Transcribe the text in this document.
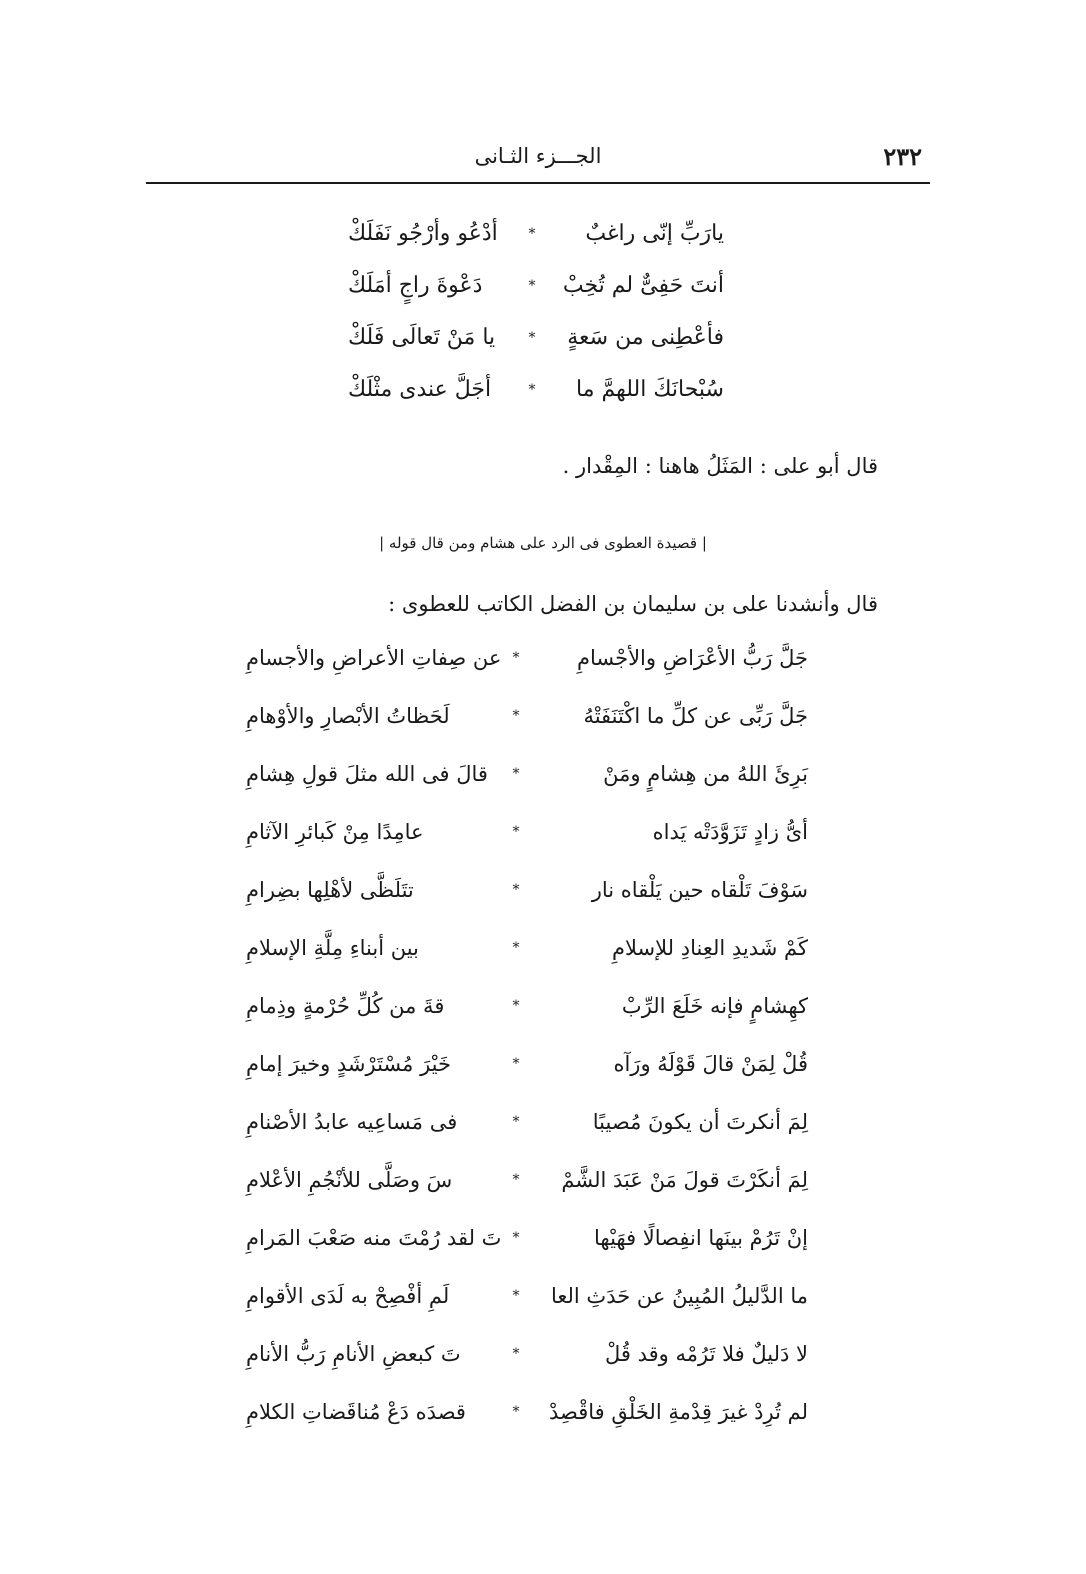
٢٣٢
الجـــزء الثـانى
يارَبِّ إنّى راغبٌ
*
أدْعُو وأرْجُو نَفَلَكْ
أنتَ حَفِىٌّ لم تُخِبْ
*
دَعْوةَ راجٍ أمَلَكْ
فأعْطِنى من سَعةٍ
*
يا مَنْ تَعالَى فَلَكْ
سُبْحانَكَ اللهمَّ ما
*
أجَلَّ عندى مثْلَكْ
قال أبو على : المَثَلُ هاهنا : المِقْدار .
| قصيدة العطوى فى الرد على هشام ومن قال قوله |
قال وأنشدنا على بن سليمان بن الفضل الكاتب للعطوى :
جَلَّ رَبُّ الأعْرَاضِ والأجْسامِ
*
عن صِفاتِ الأعراضِ والأجسامِ
جَلَّ رَبِّى عن كلِّ ما اكْتَنَفَتْهُ
*
لَحَظاتُ الأبْصارِ والأوْهامِ
بَرِئَ اللهُ من هِشامٍ ومَنْ
*
قالَ فى الله مثلَ قولِ هِشامِ
أىُّ زادٍ تَزَوَّدَتْه يَداه
*
عامِدًا مِنْ كَبائرِ الآثامِ
سَوْفَ تَلْقاه حين يَلْقاه نار
*
تتَلَظَّى لأهْلِها بضِرامِ
كَمْ شَديدِ العِنادِ للإسلامِ
*
بين أبناءِ مِلَّةِ الإسلامِ
كهِشامٍ فإنه خَلَعَ الرِّبْ
*
قةَ من كُلِّ حُرْمةٍ وذِمامِ
قُلْ لِمَنْ قالَ قَوْلَهُ ورَآه
*
خَيْرَ مُسْتَرْشَدٍ وخيرَ إمامِ
لِمَ أنكرتَ أن يكونَ مُصيبًا
*
فى مَساعِيه عابدُ الأصْنامِ
لِمَ أنكَرْتَ قولَ مَنْ عَبَدَ الشَّمْ
*
سَ وصَلَّى للأنْجُمِ الأعْلامِ
إنْ تَرُمْ بينَها انفِصالًا فهَيْها
*
تَ لقد رُمْتَ منه صَعْبَ المَرامِ
ما الدَّليلُ المُبِينُ عن حَدَثِ العا
*
لَمِ أفْصِحْ به لَدَى الأقوامِ
لا دَليلٌ فلا تَرُمْه وقد قُلْ
*
تَ كبعضِ الأنامِ رَبُّ الأنامِ
لم تُرِدْ غيرَ قِدْمةِ الخَلْقِ فاقْصِدْ
*
قصدَه دَعْ مُناقَضاتِ الكلامِ
